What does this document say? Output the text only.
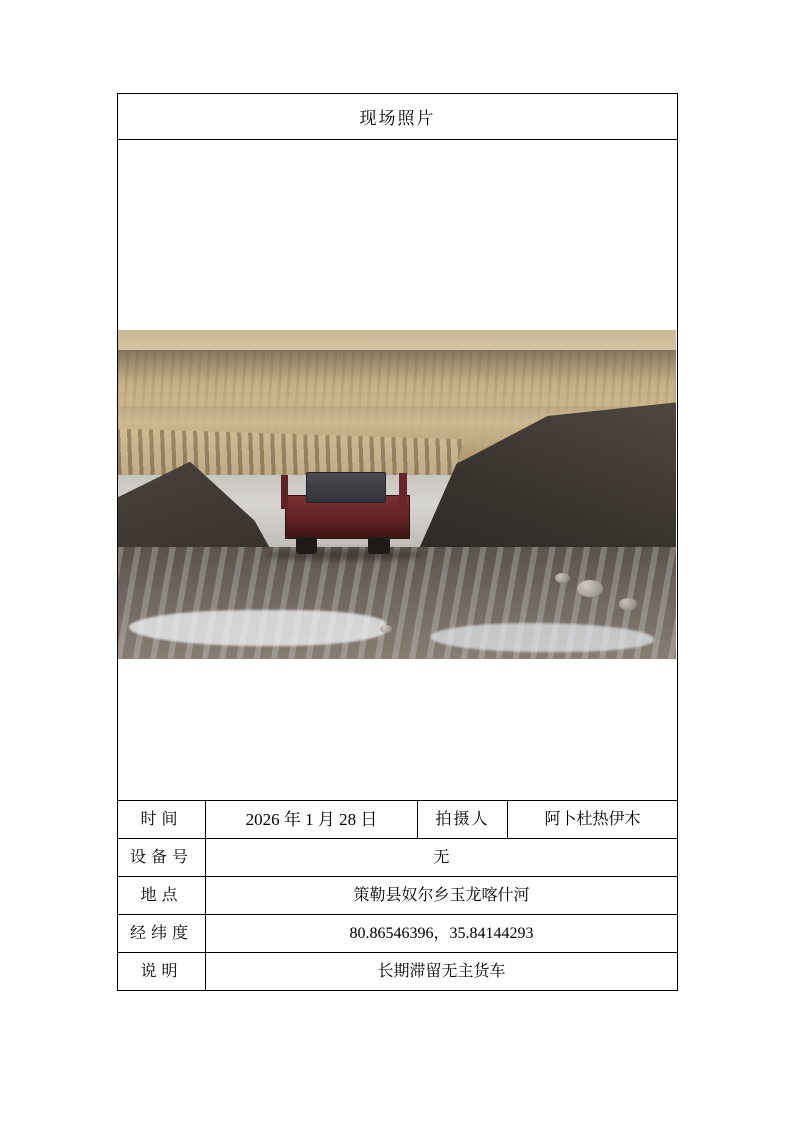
现场照片			

时间	2026 年 1 月 28 日	拍摄人	阿卜杜热伊木

设备号	无		

地点	策勒县奴尔乡玉龙喀什河		

经纬度	80.86546396，35.84144293		

说明	长期滞留无主货车		
